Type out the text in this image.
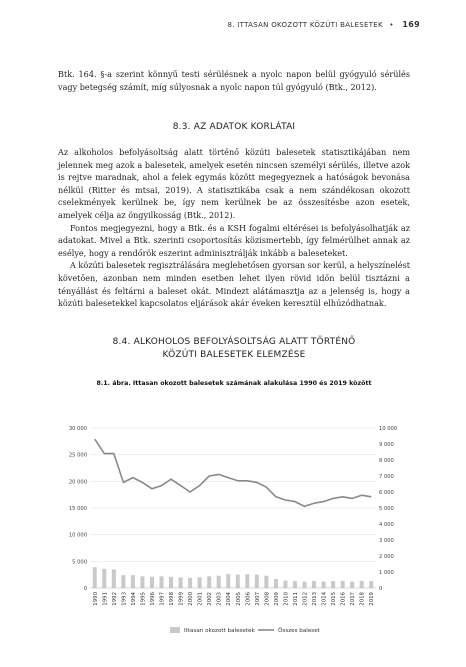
8. ITTASAN OKOZOTT KÖZÚTI BALESETEK • 169

Btk. 164. §-a szerint könnyű testi sérülésnek a nyolc napon belül gyógyuló sérülés vagy betegség számít, míg súlyosnak a nyolc napon túl gyógyuló (Btk., 2012).

8.3. AZ ADATOK KORLÁTAI

Az alkoholos befolyásoltság alatt történő közúti balesetek statisztikájában nem jelennek meg azok a balesetek, amelyek esetén nincsen személyi sérülés, illetve azok is rejtve maradnak, ahol a felek egymás között megegyeznek a hatóságok bevonása nélkül (Ritter és mtsai, 2019). A statisztikába csak a nem szándékosan okozott cselekmények kerülnek be, így nem kerülnek be az összesítésbe azon esetek, amelyek célja az öngyilkosság (Btk., 2012).

Fontos megjegyezni, hogy a Btk. és a KSH fogalmi eltérései is befolyásolhatják az adatokat. Mivel a Btk. szerinti csoportosítás közismertebb, így felmérülhet annak az esélye, hogy a rendőrök eszerint adminisztrálják inkább a baleseteket.

A közúti balesetek regisztrálására meglehetősen gyorsan sor kerül, a helyszínelést követően, azonban nem minden esetben lehet ilyen rövid időn belül tisztázni a tényállást és feltárni a baleset okát. Mindezt alátámasztja az a jelenség is, hogy a közúti balesetekkel kapcsolatos eljárások akár éveken keresztül elhúzódhatnak.

8.4. ALKOHOLOS BEFOLYÁSOLTSÁG ALATT TÖRTÉNŐ
KÖZÚTI BALESETEK ELEMZÉSE
8.1. ábra. Ittasan okozott balesetek számának alakulása 1990 és 2019 között
30 000
25 000
20 000
15 000
10 000
5 000
0
10 000
9 000
8 000
7 000
6 000
5 000
4 000
3 000
2 000
1 000
0
1990 1991 1992 1993 1994 1995 1996 1997 1998 1999 2000 2001 2002 2003 2004 2005 2006 2007 2008 2009 2010 2011 2012 2013 2014 2015 2016 2017 2018 2019
Ittasan okozott balesetek	Összes baleset
